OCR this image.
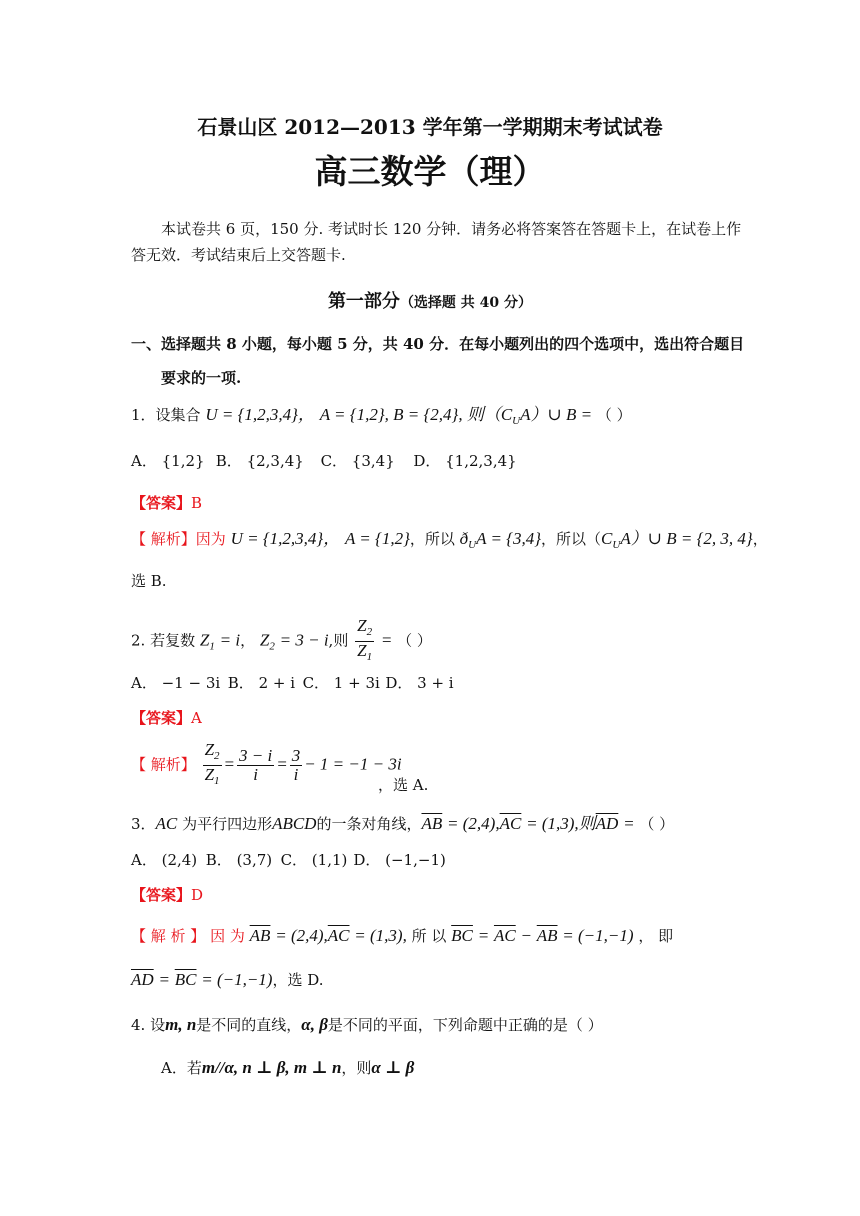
石景山区 2012—2013 学年第一学期期末考试试卷
高三数学（理）
本试卷共 6 页，150 分. 考试时长 120 分钟．请务必将答案答在答题卡上，在试卷上作
答无效．考试结束后上交答题卡.
第一部分（选择题 共 40 分）
一、选择题共 8 小题，每小题 5 分，共 40 分．在每小题列出的四个选项中，选出符合题目
要求的一项.
1．设集合 U = {1,2,3,4}， A = {1,2}, B = {2,4}, 则$(C_UA)\cup$ B = （ ）
A． {1,2} B． {2,3,4} C． {3,4} D． {1,2,3,4}
【答案】B
【 解析】因为 U = {1,2,3,4}， A = {1,2}，所以 $ð_UA = \{3,4\}$，所以$(C_UA)\cup$ B = {2, 3, 4}，
选 B.
2. 若复数 $Z_1 = i$， $Z_2 = 3 - i$,则 $\frac{Z_2}{Z_1}$ = （ ）
A． −1 − 3i B． 2 + i C． 1 + 3i D． 3 + i
【答案】A
【 解析】 $\frac{Z_2}{Z_1} = \frac{3 - i}{i} = \frac{3}{i} - 1 = -1 - 3i$
，选 A.
3．AC 为平行四边形ABCD的一条对角线，$\overline{AB} = (2,4),\overline{AC} = (1,3)$,则$\overline{AD}$ = （ ）
A． (2,4) B． (3,7) C． (1,1) D． (−1,−1)
【答案】D
【 解 析 】 因 为 $\overline{AB} = (2,4),\overline{AC} = (1,3)$, 所 以 $\overline{BC} = \overline{AC} - \overline{AB} = (-1,-1)$ ， 即
$\overline{AD} = \overline{BC} = (-1,-1)$，选 D.
4. 设m, n是不同的直线，α, β是不同的平面，下列命题中正确的是（ ）
A．若m//α, n ⊥ β, m ⊥ n，则α ⊥ β
